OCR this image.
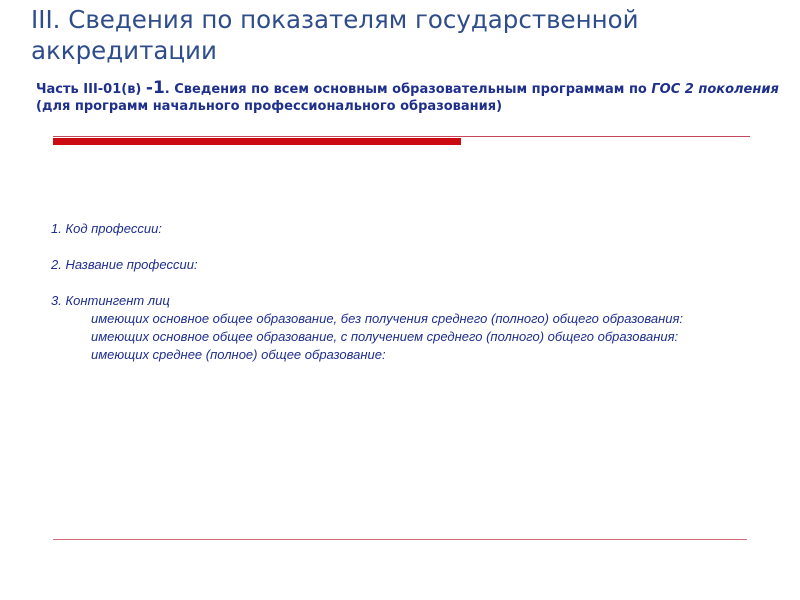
III. Сведения по показателям государственной аккредитации

Часть III-01(в) -1. Сведения по всем основным образовательным программам по ГОС 2 поколения (для программ начального профессионального образования)

1. Код профессии:
2. Название профессии:
3. Контингент лиц
имеющих основное общее образование, без получения среднего (полного) общего образования:
имеющих основное общее образование, с получением среднего (полного) общего образования:
имеющих среднее (полное) общее образование:
